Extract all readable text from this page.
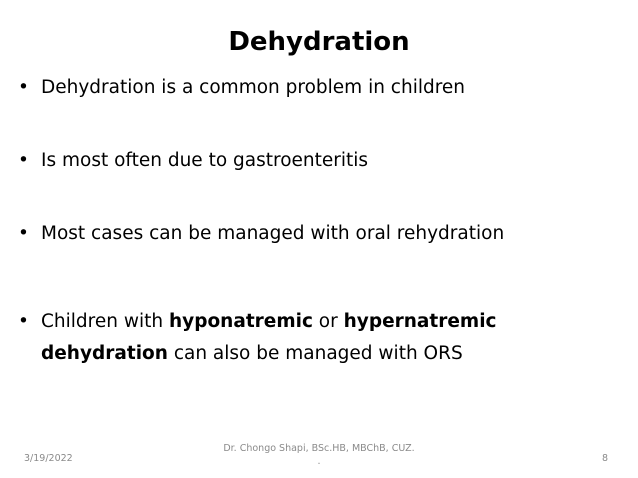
Dehydration
• Dehydration is a common problem in children
• Is most often due to gastroenteritis
• Most cases can be managed with oral rehydration
• Children with hyponatremic or hypernatremic
dehydration can also be managed with ORS
3/19/2022
Dr. Chongo Shapi, BSc.HB, MBChB, CUZ.
.	8
